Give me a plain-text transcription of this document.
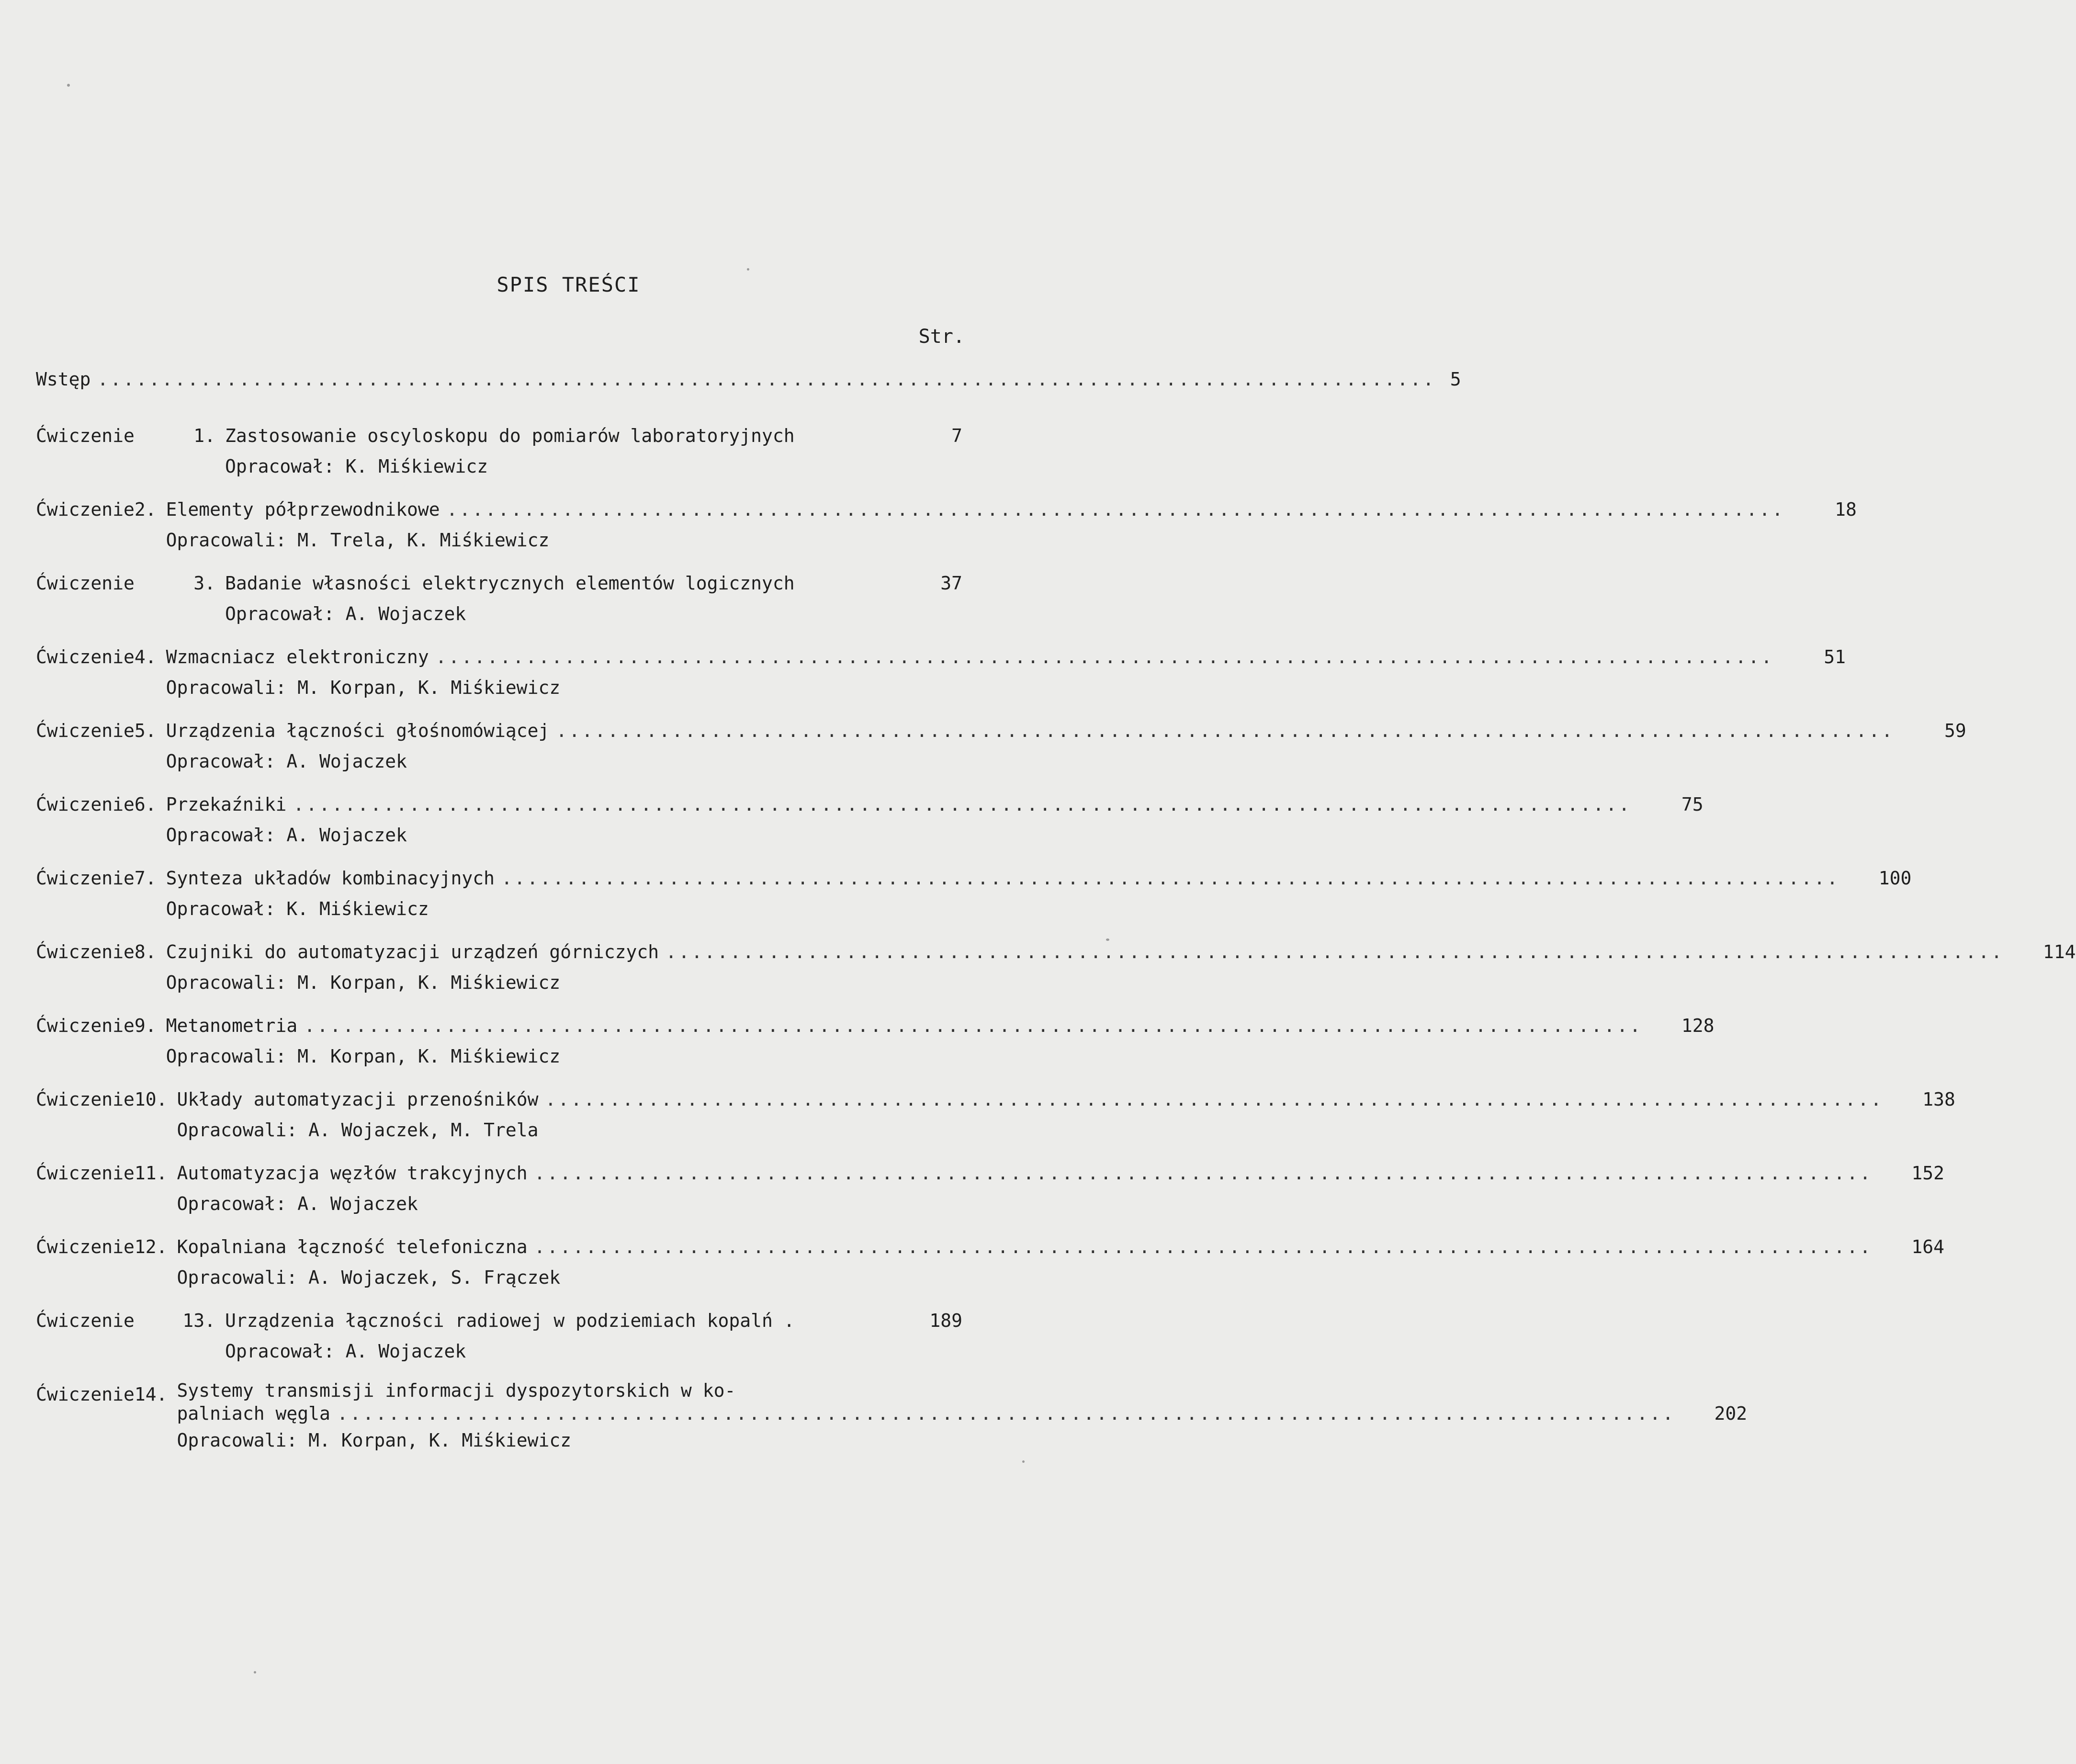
SPIS TREŚCI
Str.
Wstęp ........................................................................................................ 5
Ćwiczenie	1. Zastosowanie oscyloskopu do pomiarów laboratoryjnych	7
Opracował: K. Miśkiewicz
Ćwiczenie 2. Elementy półprzewodnikowe ........................................................................................................	18
Opracowali: M. Trela, K. Miśkiewicz
Ćwiczenie	3. Badanie własności elektrycznych elementów logicznych	37
Opracował: A. Wojaczek
Ćwiczenie 4. Wzmacniacz elektroniczny ........................................................................................................	51
Opracowali: M. Korpan, K. Miśkiewicz
Ćwiczenie 5. Urządzenia łączności głośnomówiącej ........................................................................................................	59
Opracował: A. Wojaczek
Ćwiczenie 6. Przekaźniki ........................................................................................................	75
Opracował: A. Wojaczek
Ćwiczenie 7. Synteza układów kombinacyjnych ........................................................................................................	100
Opracował: K. Miśkiewicz
Ćwiczenie 8. Czujniki do automatyzacji urządzeń górniczych ........................................................................................................	114
Opracowali: M. Korpan, K. Miśkiewicz
Ćwiczenie 9. Metanometria ........................................................................................................	128
Opracowali: M. Korpan, K. Miśkiewicz
Ćwiczenie 10. Układy automatyzacji przenośników ........................................................................................................	138
Opracowali: A. Wojaczek, M. Trela
Ćwiczenie 11. Automatyzacja węzłów trakcyjnych ........................................................................................................	152
Opracował: A. Wojaczek
Ćwiczenie 12. Kopalniana łączność telefoniczna ........................................................................................................	164
Opracowali: A. Wojaczek, S. Frączek
Ćwiczenie	13. Urządzenia łączności radiowej w podziemiach kopalń .	189
Opracował: A. Wojaczek
Ćwiczenie 14. Systemy transmisji informacji dyspozytorskich w ko-
palniach węgla ........................................................................................................	202
Opracowali: M. Korpan, K. Miśkiewicz
